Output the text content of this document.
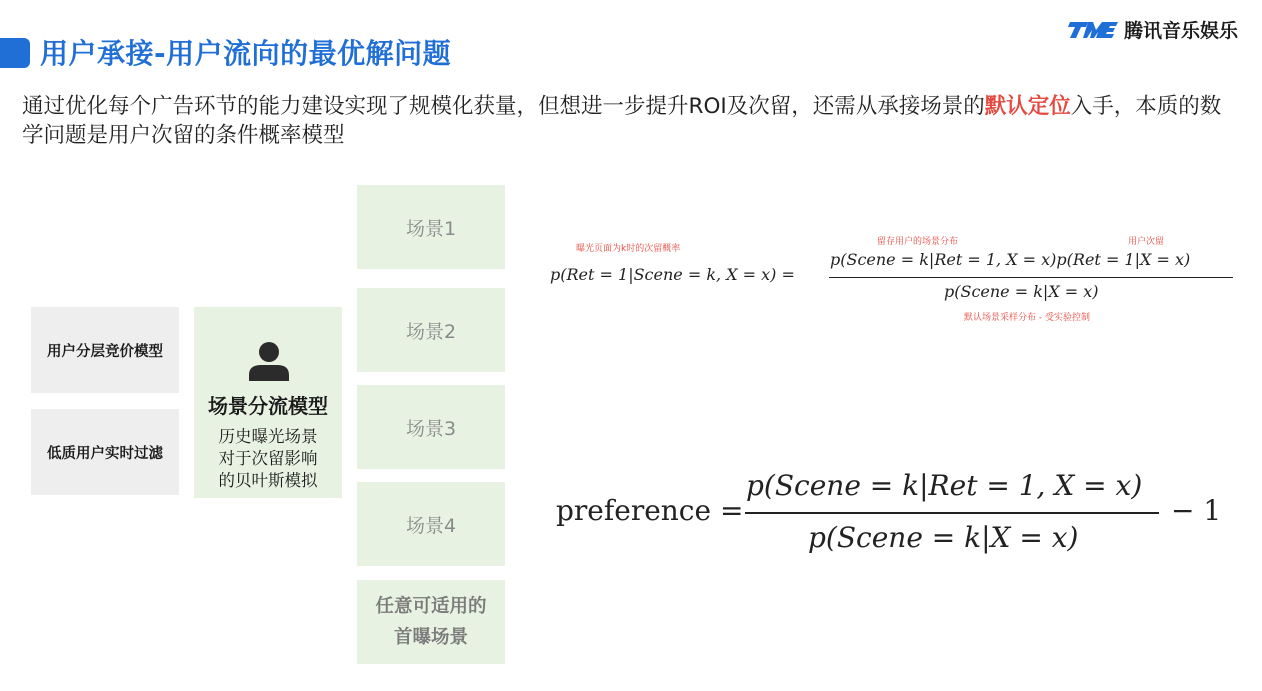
用户承接-用户流向的最优解问题
腾讯音乐娱乐
通过优化每个广告环节的能力建设实现了规模化获量，但想进一步提升ROI及次留，还需从承接场景的默认定位入手，本质的数学问题是用户次留的条件概率模型
用户分层竞价模型
低质用户实时过滤
场景分流模型
历史曝光场景
对于次留影响
的贝叶斯模拟
场景1
场景2
场景3
场景4
任意可适用的
首曝场景
曝光页面为k时的次留概率
留存用户的场景分布	用户次留
默认场景采样分布 - 受实验控制
p(Ret = 1|Scene = k, X = x) =
p(Scene = k|Ret = 1, X = x)p(Ret = 1|X = x)
p(Scene = k|X = x)
preference =
p(Scene = k|Ret = 1, X = x)
p(Scene = k|X = x)
− 1
